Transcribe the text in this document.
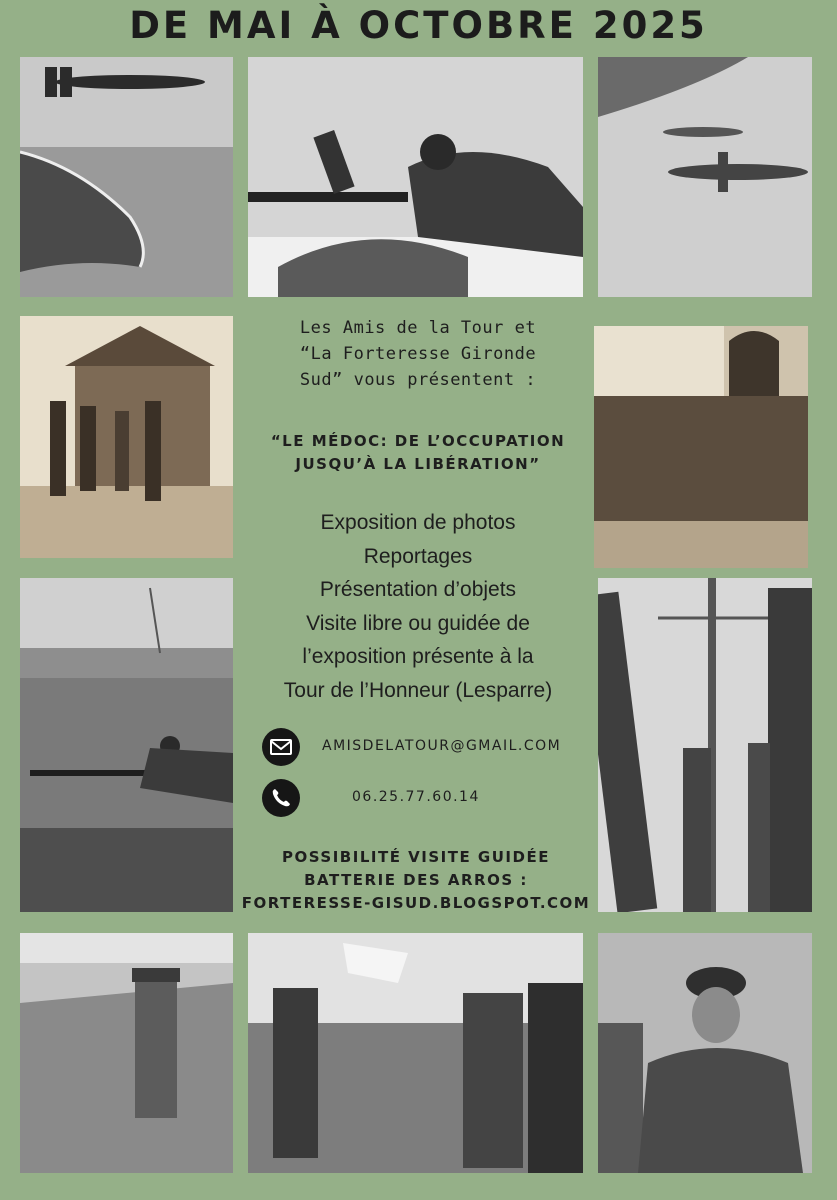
DE MAI À OCTOBRE 2025
Les Amis de la Tour et
“La Forteresse Gironde
Sud” vous présentent :
“LE MÉDOC: DE L’OCCUPATION
JUSQU’À LA LIBÉRATION”
Exposition de photos
Reportages
Présentation d’objets
Visite libre ou guidée de
l’exposition présente à la
Tour de l’Honneur (Lesparre)
AMISDELATOUR@GMAIL.COM
06.25.77.60.14
POSSIBILITÉ VISITE GUIDÉE
BATTERIE DES ARROS :
FORTERESSE-GISUD.BLOGSPOT.COM
